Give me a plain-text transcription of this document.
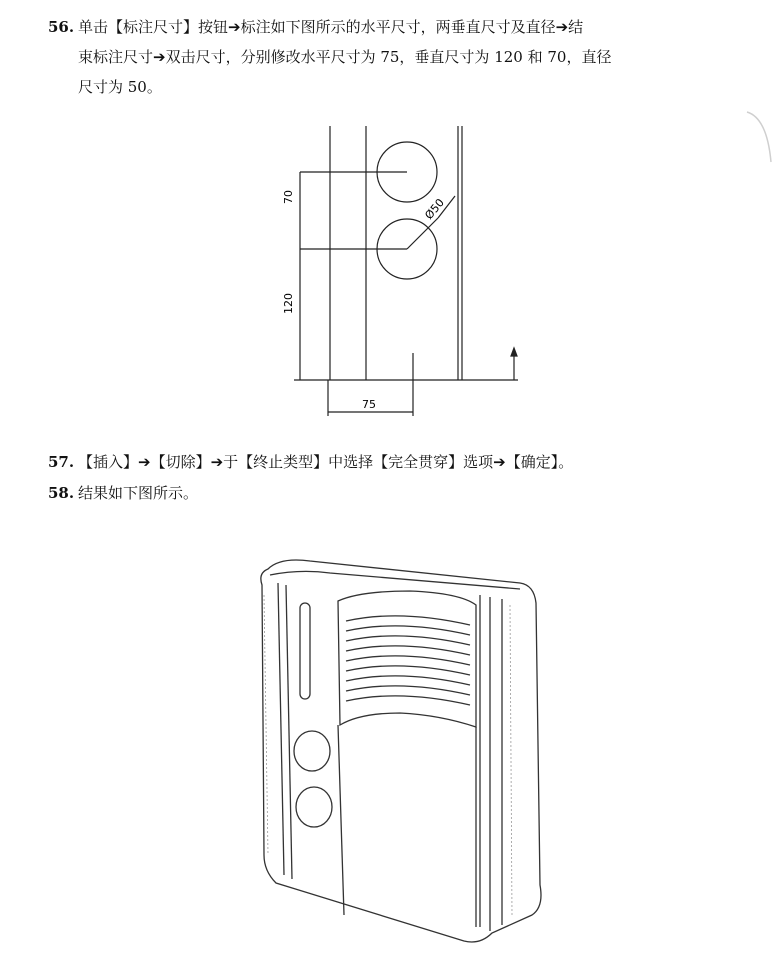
56. 单击【标注尺寸】按钮➔标注如下图所示的水平尺寸，两垂直尺寸及直径➔结
束标注尺寸➔双击尺寸，分别修改水平尺寸为 75，垂直尺寸为 120 和 70，直径
尺寸为 50。
70
120
75
Ø50
57. 【插入】➔【切除】➔于【终止类型】中选择【完全贯穿】选项➔【确定】。
58. 结果如下图所示。
